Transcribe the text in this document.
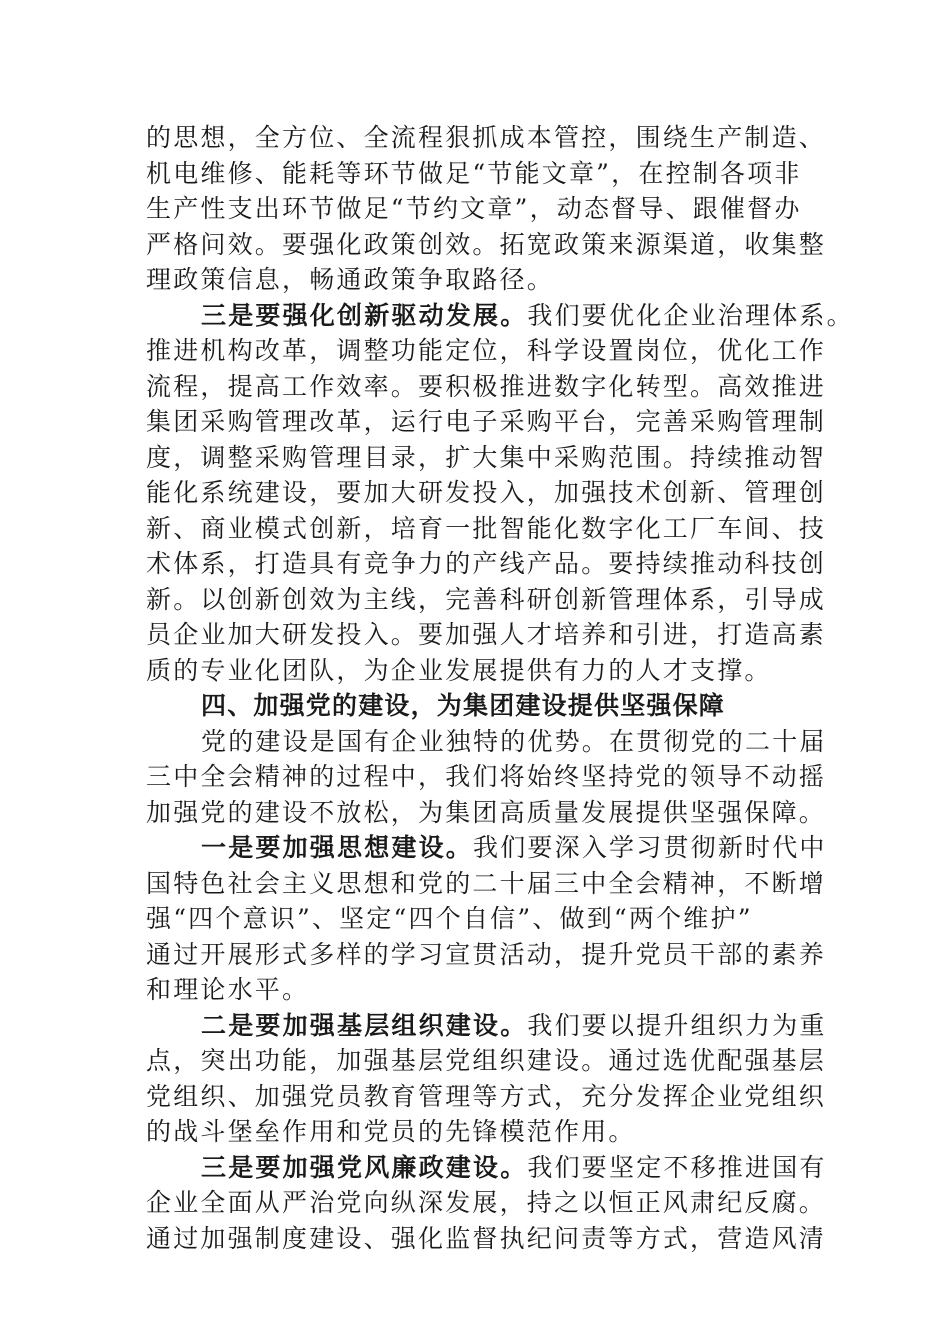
的思想，全方位、全流程狠抓成本管控，围绕生产制造、
机电维修、能耗等环节做足“节能文章”，在控制各项非
生产性支出环节做足“节约文章”，动态督导、跟催督办
严格问效。要强化政策创效。拓宽政策来源渠道，收集整
理政策信息，畅通政策争取路径。
三是要强化创新驱动发展。我们要优化企业治理体系。
推进机构改革，调整功能定位，科学设置岗位，优化工作
流程，提高工作效率。要积极推进数字化转型。高效推进
集团采购管理改革，运行电子采购平台，完善采购管理制
度，调整采购管理目录，扩大集中采购范围。持续推动智
能化系统建设，要加大研发投入，加强技术创新、管理创
新、商业模式创新，培育一批智能化数字化工厂车间、技
术体系，打造具有竞争力的产线产品。要持续推动科技创
新。以创新创效为主线，完善科研创新管理体系，引导成
员企业加大研发投入。要加强人才培养和引进，打造高素
质的专业化团队，为企业发展提供有力的人才支撑。
四、加强党的建设，为集团建设提供坚强保障
党的建设是国有企业独特的优势。在贯彻党的二十届
三中全会精神的过程中，我们将始终坚持党的领导不动摇
加强党的建设不放松，为集团高质量发展提供坚强保障。
一是要加强思想建设。我们要深入学习贯彻新时代中
国特色社会主义思想和党的二十届三中全会精神，不断增
强“四个意识”、坚定“四个自信”、做到“两个维护”
通过开展形式多样的学习宣贯活动，提升党员干部的素养
和理论水平。
二是要加强基层组织建设。我们要以提升组织力为重
点，突出功能，加强基层党组织建设。通过选优配强基层
党组织、加强党员教育管理等方式，充分发挥企业党组织
的战斗堡垒作用和党员的先锋模范作用。
三是要加强党风廉政建设。我们要坚定不移推进国有
企业全面从严治党向纵深发展，持之以恒正风肃纪反腐。
通过加强制度建设、强化监督执纪问责等方式，营造风清
